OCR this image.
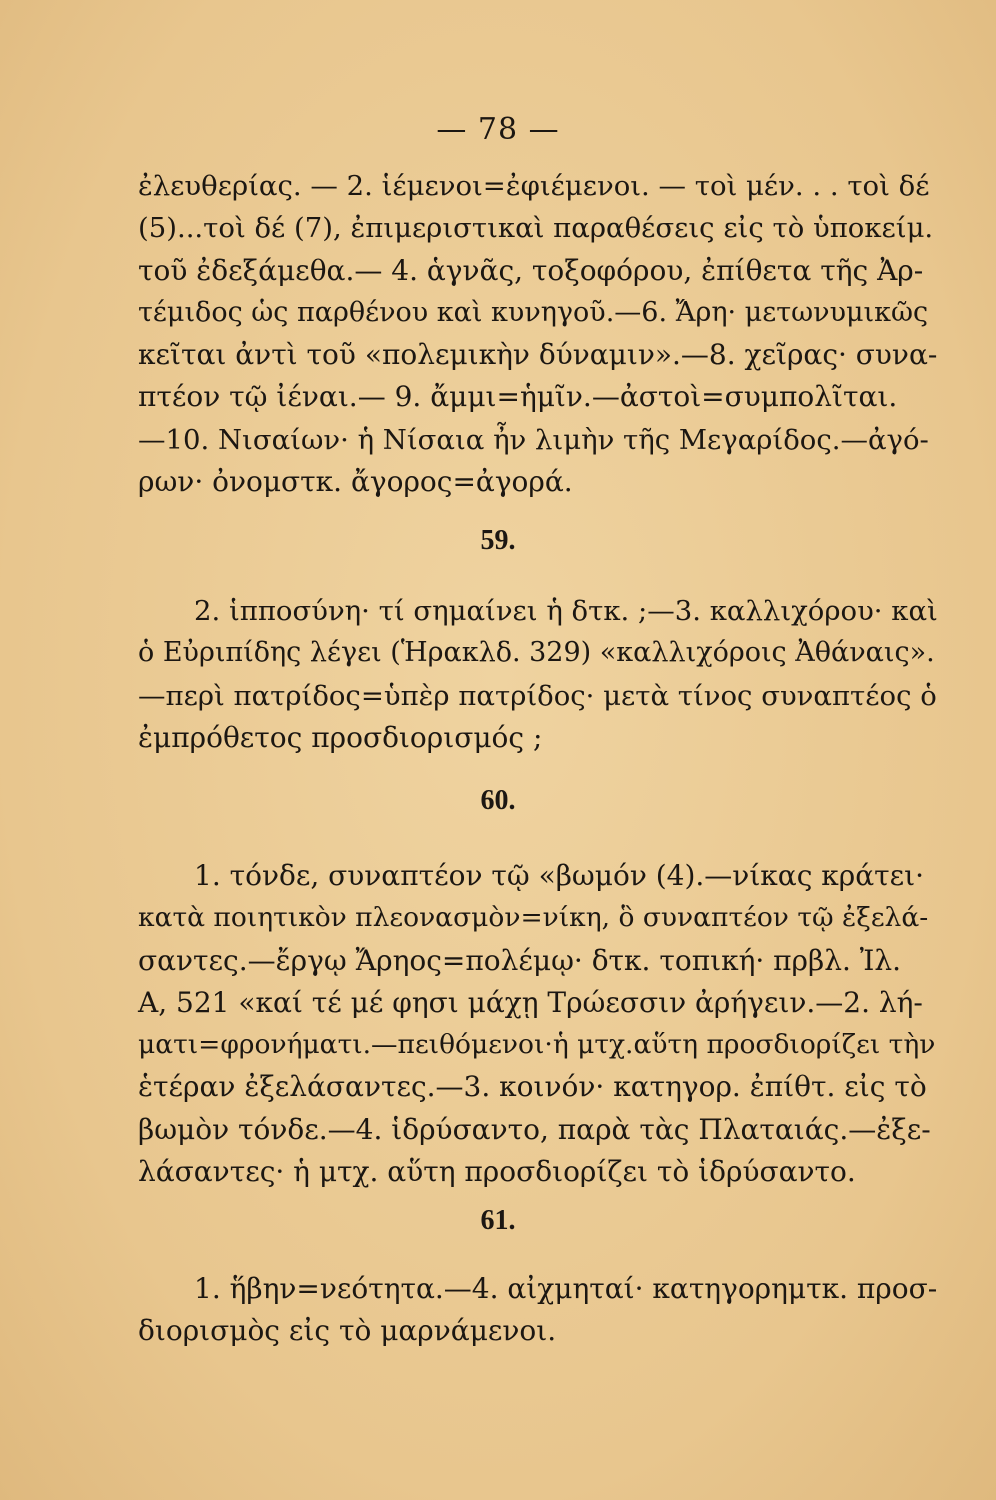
— 78 —

ἐλευθερίας. — 2. ἱέμενοι=ἐφιέμενοι. — τοὶ μέν. . . τοὶ δέ
(5)...τοὶ δέ (7), ἐπιμεριστικαὶ παραθέσεις εἰς τὸ ὑποκείμ.
τοῦ ἐδεξάμεθα.— 4. ἁγνᾶς, τοξοφόρου, ἐπίθετα τῆς Ἀρ-
τέμιδος ὡς παρθένου καὶ κυνηγοῦ.—6. Ἄρη· μετωνυμικῶς
κεῖται ἀντὶ τοῦ «πολεμικὴν δύναμιν».—8. χεῖρας· συνα-
πτέον τῷ ἰέναι.— 9. ἄμμι=ἡμῖν.—ἀστοὶ=συμπολῖται.
—10. Νισαίων· ἡ Νίσαια ἦν λιμὴν τῆς Μεγαρίδος.—ἀγό-
ρων· ὀνομστκ. ἄγορος=ἀγορά.

59.

2. ἱπποσύνη· τί σημαίνει ἡ δτκ. ;—3. καλλιχόρου· καὶ
ὁ Εὐριπίδης λέγει (Ἡρακλδ. 329) «καλλιχόροις Ἀθάναις».
—περὶ πατρίδος=ὑπὲρ πατρίδος· μετὰ τίνος συναπτέος ὁ
ἐμπρόθετος προσδιορισμός ;

60.

1. τόνδε, συναπτέον τῷ «βωμόν (4).—νίκας κράτει·
κατὰ ποιητικὸν πλεονασμὸν=νίκη, ὃ συναπτέον τῷ ἐξελά-
σαντες.—ἔργῳ Ἄρηος=πολέμῳ· δτκ. τοπική· πρβλ. Ἰλ.
Α, 521 «καί τέ μέ φησι μάχῃ Τρώεσσιν ἀρήγειν.—2. λή-
ματι=φρονήματι.—πειθόμενοι·ἡ μτχ.αὕτη προσδιορίζει τὴν
ἑτέραν ἐξελάσαντες.—3. κοινόν· κατηγορ. ἐπίθτ. εἰς τὸ
βωμὸν τόνδε.—4. ἱδρύσαντο, παρὰ τὰς Πλαταιάς.—ἐξε-
λάσαντες· ἡ μτχ. αὕτη προσδιορίζει τὸ ἱδρύσαντο.

61.

1. ἥβην=νεότητα.—4. αἰχμηταί· κατηγορημτκ. προσ-
διορισμὸς εἰς τὸ μαρνάμενοι.
